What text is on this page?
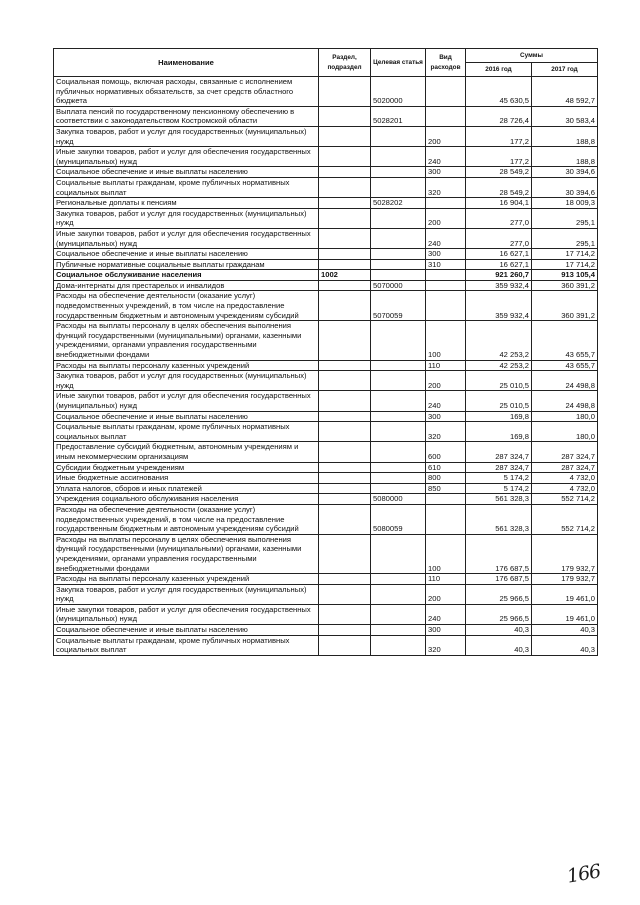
Наименование	Раздел, подраздел	Целевая статья	Вид расходов	Суммы	
				2016 год	2017 год
Социальная помощь, включая расходы, связанные с исполнением публичных нормативных обязательств, за счет средств областного бюджета		5020000		45 630,5	48 592,7
Выплата пенсий по государственному пенсионному обеспечению в соответствии с законодательством Костромской области		5028201		28 726,4	30 583,4
Закупка товаров, работ и услуг для государственных (муниципальных) нужд			200	177,2	188,8
Иные закупки товаров, работ и услуг для обеспечения государственных (муниципальных) нужд			240	177,2	188,8
Социальное обеспечение и иные выплаты населению			300	28 549,2	30 394,6
Социальные выплаты гражданам, кроме публичных нормативных социальных выплат			320	28 549,2	30 394,6
Региональные доплаты к пенсиям		5028202		16 904,1	18 009,3
Закупка товаров, работ и услуг для государственных (муниципальных) нужд			200	277,0	295,1
Иные закупки товаров, работ и услуг для обеспечения государственных (муниципальных) нужд			240	277,0	295,1
Социальное обеспечение и иные выплаты населению			300	16 627,1	17 714,2
Публичные нормативные социальные выплаты гражданам			310	16 627,1	17 714,2
Социальное обслуживание населения	1002			921 260,7	913 105,4
Дома-интернаты для престарелых и инвалидов		5070000		359 932,4	360 391,2
Расходы на обеспечение деятельности (оказание услуг) подведомственных учреждений, в том числе на предоставление государственным бюджетным и автономным учреждениям субсидий		5070059		359 932,4	360 391,2
Расходы на выплаты персоналу в целях обеспечения выполнения функций государственными (муниципальными) органами, казенными учреждениями, органами управления государственными внебюджетными фондами			100	42 253,2	43 655,7
Расходы на выплаты персоналу казенных учреждений			110	42 253,2	43 655,7
Закупка товаров, работ и услуг для государственных (муниципальных) нужд			200	25 010,5	24 498,8
Иные закупки товаров, работ и услуг для обеспечения государственных (муниципальных) нужд			240	25 010,5	24 498,8
Социальное обеспечение и иные выплаты населению			300	169,8	180,0
Социальные выплаты гражданам, кроме публичных нормативных социальных выплат			320	169,8	180,0
Предоставление субсидий бюджетным, автономным учреждениям и иным некоммерческим организациям			600	287 324,7	287 324,7
Субсидии бюджетным учреждениям			610	287 324,7	287 324,7
Иные бюджетные ассигнования			800	5 174,2	4 732,0
Уплата налогов, сборов и иных платежей			850	5 174,2	4 732,0
Учреждения социального обслуживания населения		5080000		561 328,3	552 714,2
Расходы на обеспечение деятельности (оказание услуг) подведомственных учреждений, в том числе на предоставление государственным бюджетным и автономным учреждениям субсидий		5080059		561 328,3	552 714,2
Расходы на выплаты персоналу в целях обеспечения выполнения функций государственными (муниципальными) органами, казенными учреждениями, органами управления государственными внебюджетными фондами			100	176 687,5	179 932,7
Расходы на выплаты персоналу казенных учреждений			110	176 687,5	179 932,7
Закупка товаров, работ и услуг для государственных (муниципальных) нужд			200	25 966,5	19 461,0
Иные закупки товаров, работ и услуг для обеспечения государственных (муниципальных) нужд			240	25 966,5	19 461,0
Социальное обеспечение и иные выплаты населению			300	40,3	40,3
Социальные выплаты гражданам, кроме публичных нормативных социальных выплат			320	40,3	40,3
166
